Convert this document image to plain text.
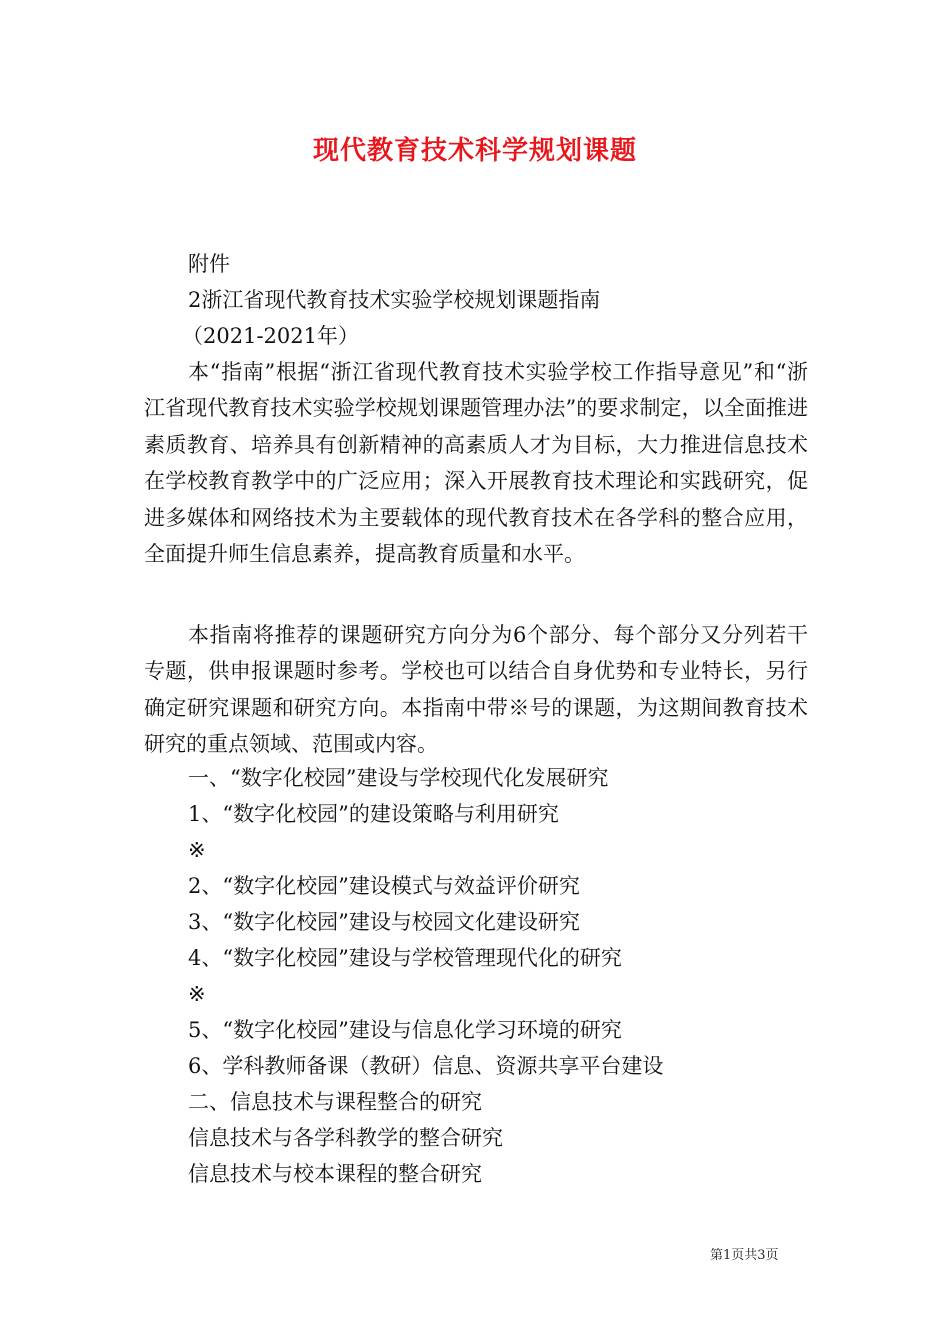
现代教育技术科学规划课题
附件
2浙江省现代教育技术实验学校规划课题指南
（2021-2021年）
本“指南”根据“浙江省现代教育技术实验学校工作指导意见”和“浙江省现代教育技术实验学校规划课题管理办法”的要求制定，以全面推进素质教育、培养具有创新精神的高素质人才为目标，大力推进信息技术在学校教育教学中的广泛应用；深入开展教育技术理论和实践研究，促进多媒体和网络技术为主要载体的现代教育技术在各学科的整合应用，全面提升师生信息素养，提高教育质量和水平。
本指南将推荐的课题研究方向分为6个部分、每个部分又分列若干专题，供申报课题时参考。学校也可以结合自身优势和专业特长，另行确定研究课题和研究方向。本指南中带※号的课题，为这期间教育技术研究的重点领域、范围或内容。
一、“数字化校园”建设与学校现代化发展研究
1、“数字化校园”的建设策略与利用研究
※
2、“数字化校园”建设模式与效益评价研究
3、“数字化校园”建设与校园文化建设研究
4、“数字化校园”建设与学校管理现代化的研究
※
5、“数字化校园”建设与信息化学习环境的研究
6、学科教师备课（教研）信息、资源共享平台建设
二、信息技术与课程整合的研究
信息技术与各学科教学的整合研究
信息技术与校本课程的整合研究
第1页共3页
